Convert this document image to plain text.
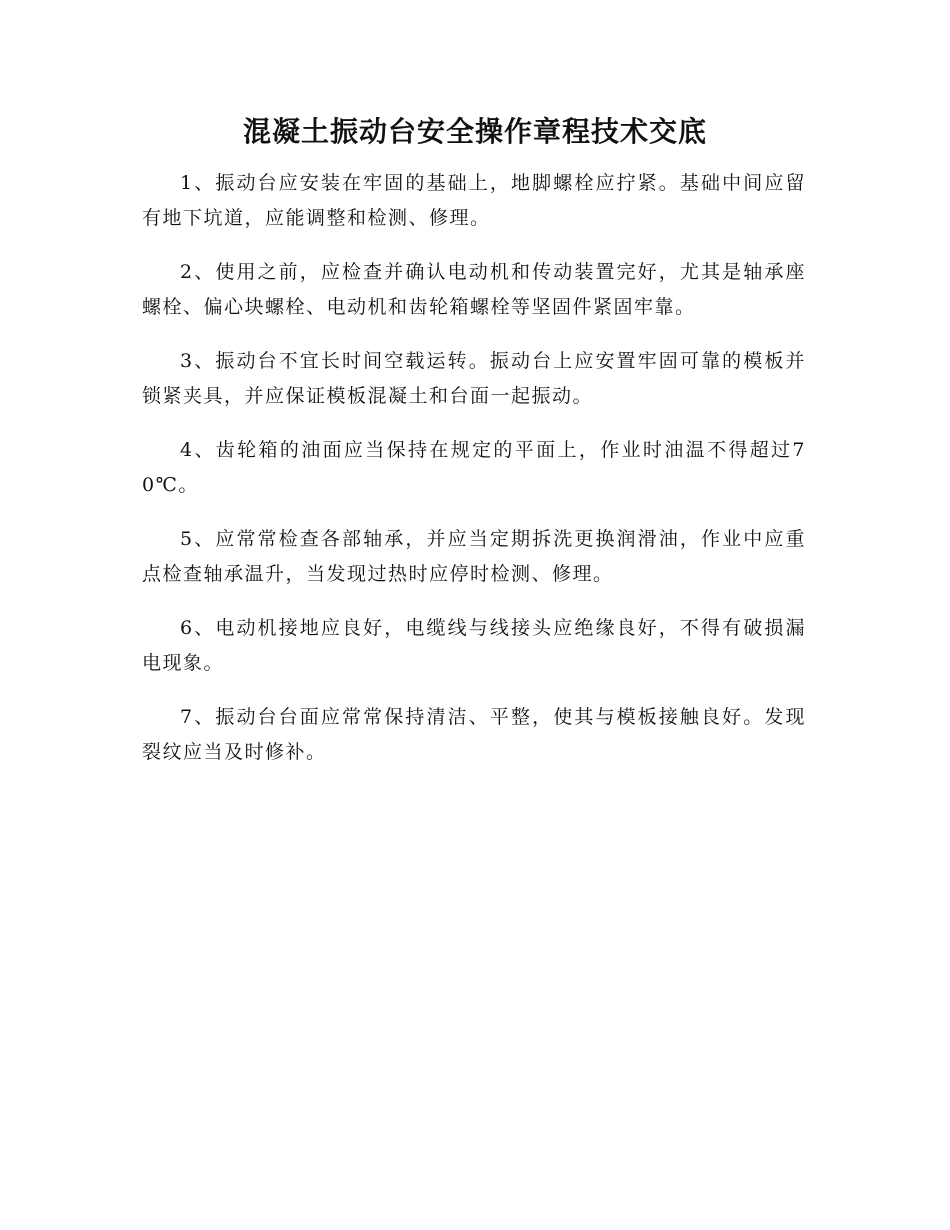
混凝土振动台安全操作章程技术交底

1、振动台应安装在牢固的基础上，地脚螺栓应拧紧。基础中间应留有地下坑道，应能调整和检测、修理。

2、使用之前，应检查并确认电动机和传动装置完好，尤其是轴承座螺栓、偏心块螺栓、电动机和齿轮箱螺栓等坚固件紧固牢靠。

3、振动台不宜长时间空载运转。振动台上应安置牢固可靠的模板并锁紧夹具，并应保证模板混凝土和台面一起振动。

4、齿轮箱的油面应当保持在规定的平面上，作业时油温不得超过70℃。

5、应常常检查各部轴承，并应当定期拆洗更换润滑油，作业中应重点检查轴承温升，当发现过热时应停时检测、修理。

6、电动机接地应良好，电缆线与线接头应绝缘良好，不得有破损漏电现象。

7、振动台台面应常常保持清洁、平整，使其与模板接触良好。发现裂纹应当及时修补。
